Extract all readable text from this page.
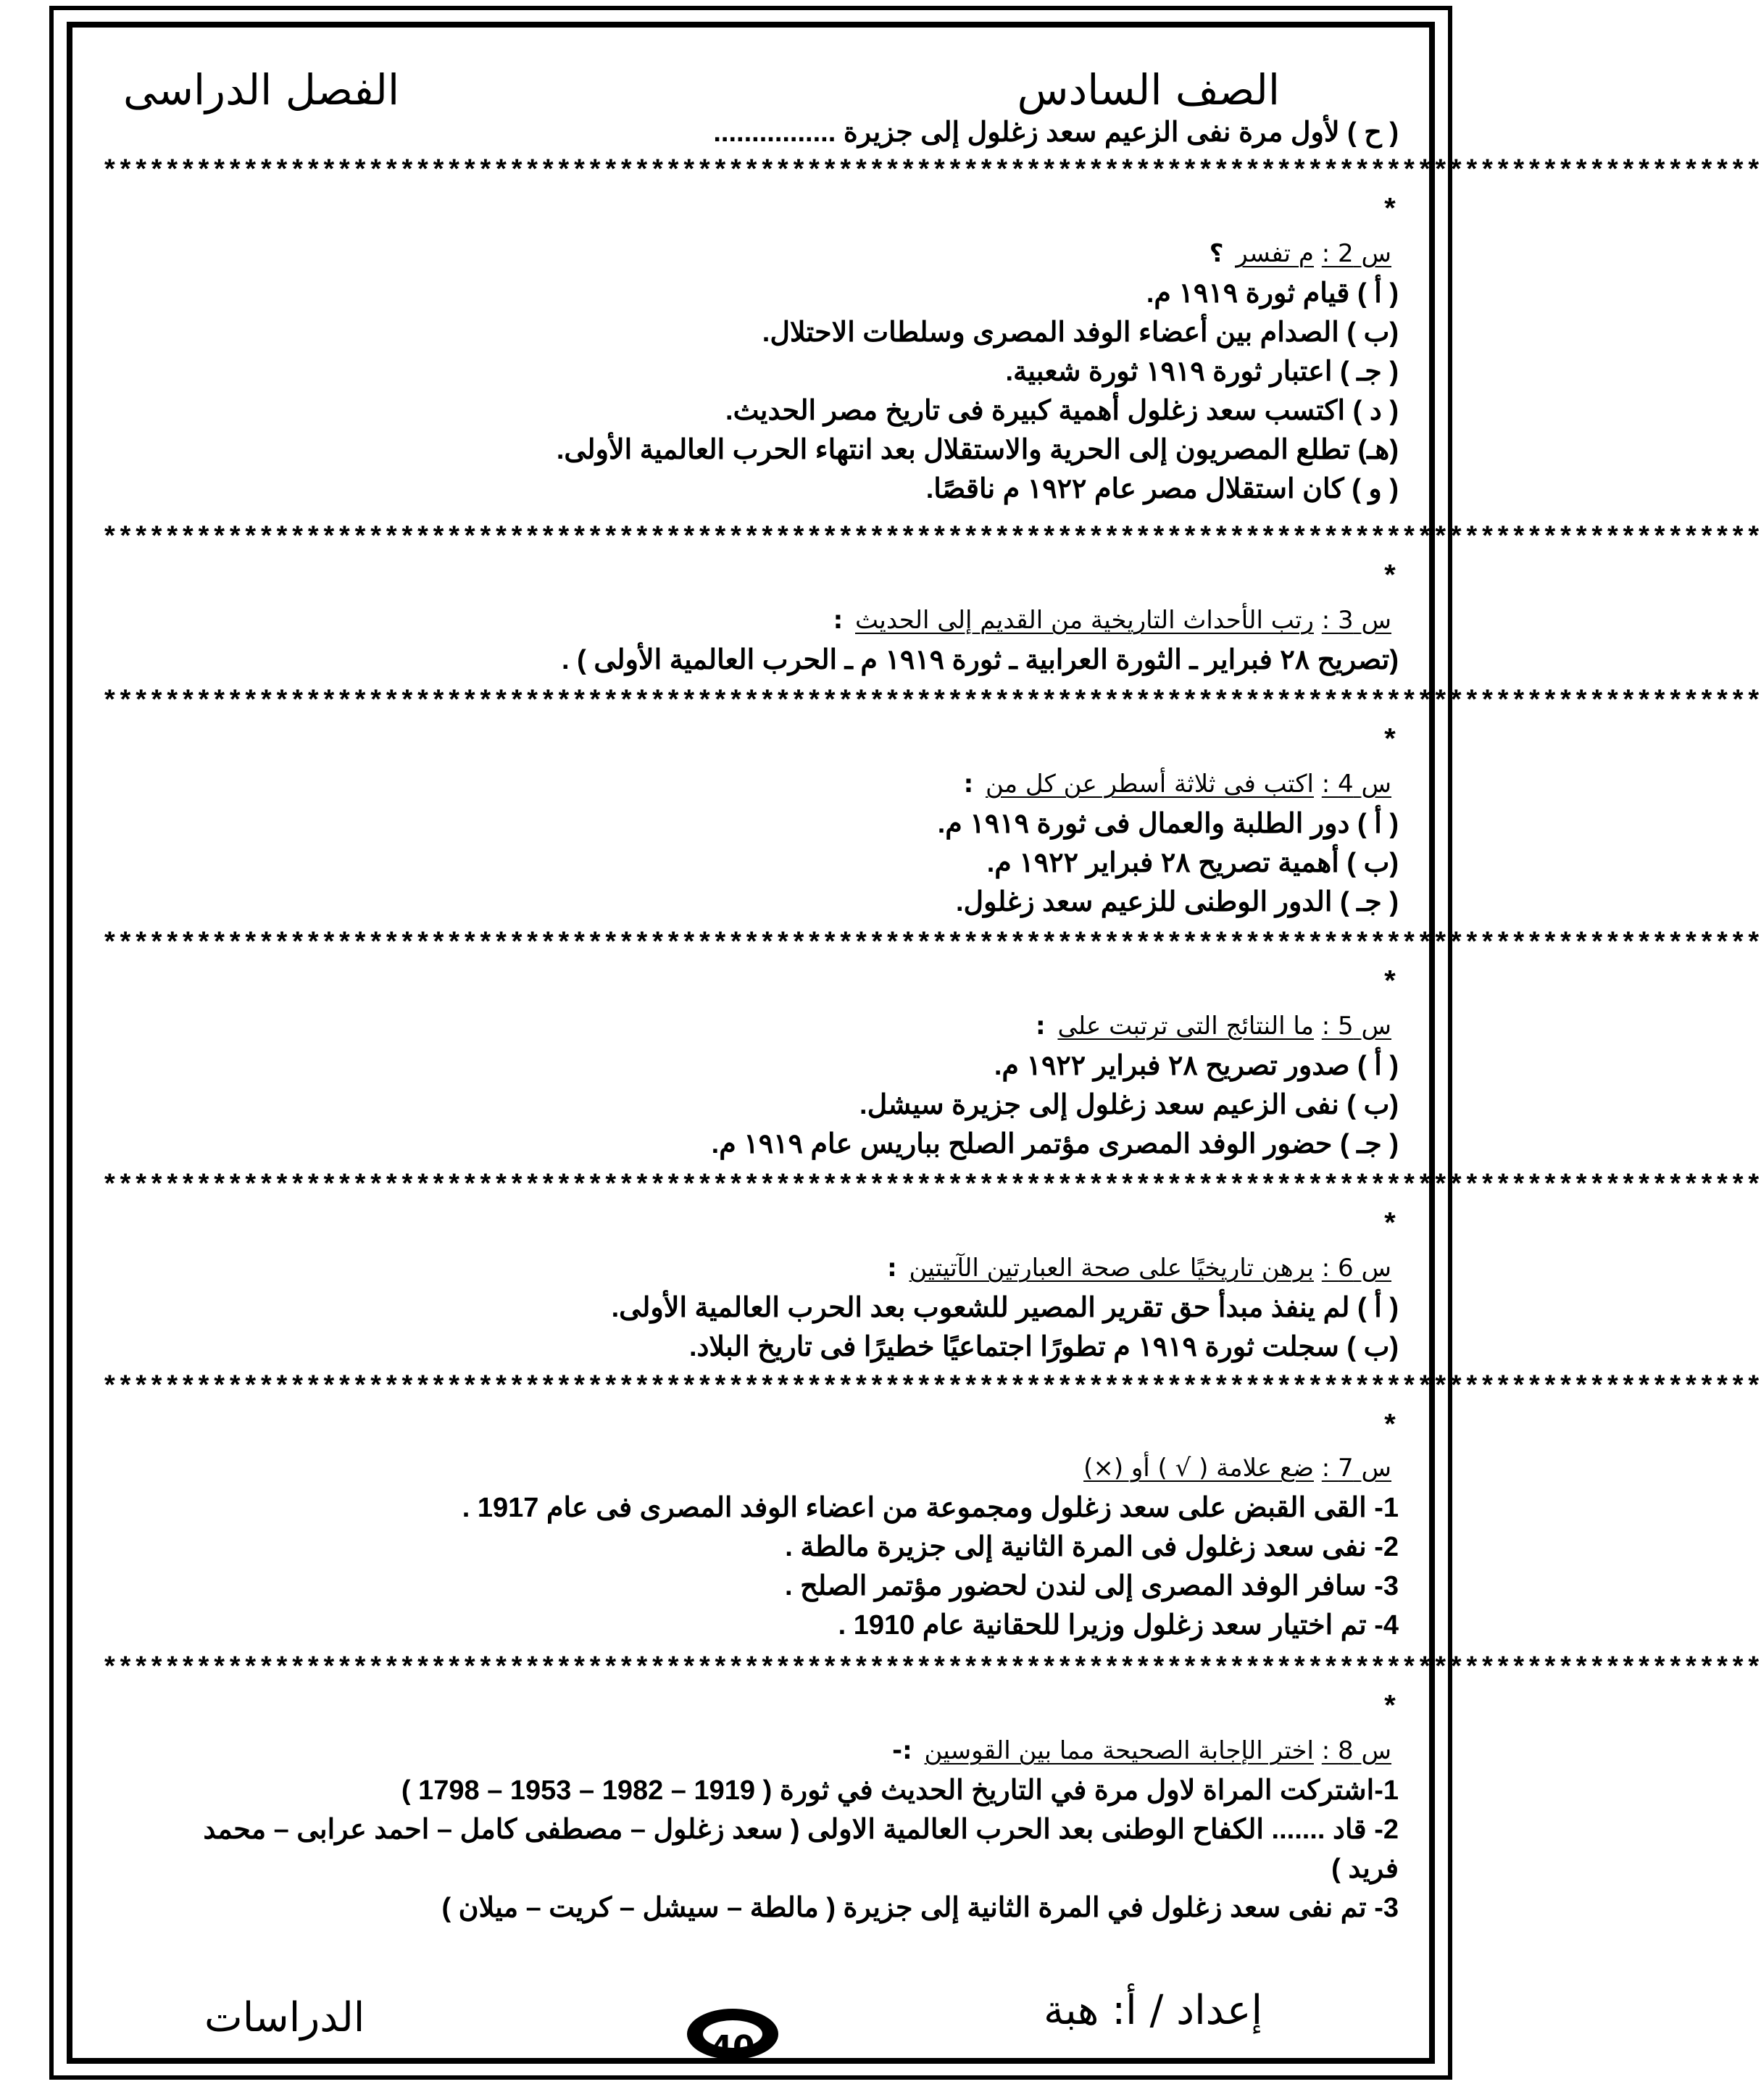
الصف السادس
الفصل الدراسى
( ح ) لأول مرة نفى الزعيم سعد زغلول إلى جزيرة ................
**********************************************************************************************************
*
س 2 : م تفسر ؟
( أ ) قيام ثورة ١٩١٩ م.
(ب ) الصدام بين أعضاء الوفد المصرى وسلطات الاحتلال.
( جـ ) اعتبار ثورة ١٩١٩ ثورة شعبية.
( د ) اكتسب سعد زغلول أهمية كبيرة فى تاريخ مصر الحديث.
(هـ) تطلع المصريون إلى الحرية والاستقلال بعد انتهاء الحرب العالمية الأولى.
( و ) كان استقلال مصر عام ١٩٢٢ م ناقصًا.
**********************************************************************************************************
*
س 3 : رتب الأحداث التاريخية من القديم إلى الحديث :
(تصريح ٢٨ فبراير ـ الثورة العرابية ـ ثورة ١٩١٩ م ـ الحرب العالمية الأولى ) .
**********************************************************************************************************
*
س 4 : اكتب فى ثلاثة أسطر عن كل من :
( أ ) دور الطلبة والعمال فى ثورة ١٩١٩ م.
(ب ) أهمية تصريح ٢٨ فبراير ١٩٢٢ م.
( جـ ) الدور الوطنى للزعيم سعد زغلول.
**********************************************************************************************************
*
س 5 : ما النتائج التى ترتبت على :
( أ ) صدور تصريح ٢٨ فبراير ١٩٢٢ م.
(ب ) نفى الزعيم سعد زغلول إلى جزيرة سيشل.
( جـ ) حضور الوفد المصرى مؤتمر الصلح بباريس عام ١٩١٩ م.
**********************************************************************************************************
*
س 6 : برهن تاريخيًا على صحة العبارتين الآتيتين :
( أ ) لم ينفذ مبدأ حق تقرير المصير للشعوب بعد الحرب العالمية الأولى.
(ب ) سجلت ثورة ١٩١٩ م تطورًا اجتماعيًا خطيرًا فى تاريخ البلاد.
**********************************************************************************************************
*
س 7 : ضع علامة ( √ ) أو (×)
1- القى القبض على سعد زغلول ومجموعة من اعضاء الوفد المصرى فى عام 1917 .
2- نفى سعد زغلول فى المرة الثانية إلى جزيرة مالطة .
3- سافر الوفد المصرى إلى لندن لحضور مؤتمر الصلح .
4- تم اختيار سعد زغلول وزيرا للحقانية عام 1910 .
**********************************************************************************************************
*
س 8 : اختر الإجابة الصحيحة مما بين القوسين :-
1-اشتركت المراة لاول مرة في التاريخ الحديث في ثورة ( 1919 – 1982 – 1953 – 1798 )
2- قاد ....... الكفاح الوطنى بعد الحرب العالمية الاولى ( سعد زغلول – مصطفى كامل – احمد عرابى – محمد
فريد )
3- تم نفى سعد زغلول في المرة الثانية إلى جزيرة ( مالطة – سيشل – كريت – ميلان )
إعداد / أ: هبة
الدراسات
40
